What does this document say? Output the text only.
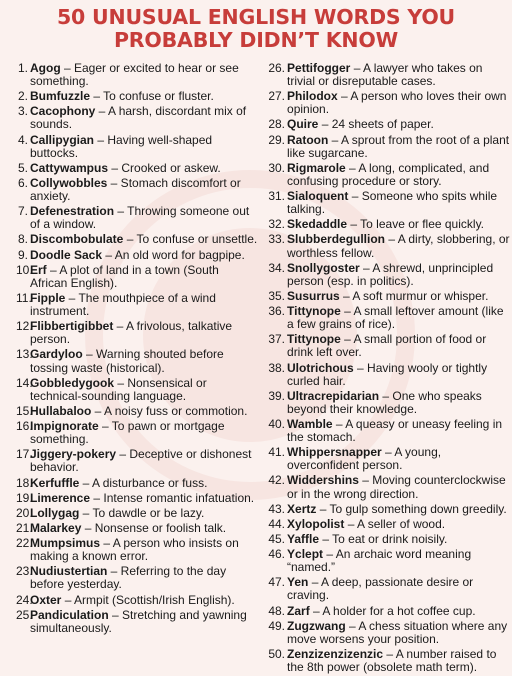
50 UNUSUAL ENGLISH WORDS YOU
PROBABLY DIDN’T KNOW
1. Agog – Eager or excited to hear or see something.
2. Bumfuzzle – To confuse or fluster.
3. Cacophony – A harsh, discordant mix of sounds.
4. Callipygian – Having well-shaped buttocks.
5. Cattywampus – Crooked or askew.
6. Collywobbles – Stomach discomfort or anxiety.
7. Defenestration – Throwing someone out of a window.
8. Discombobulate – To confuse or unsettle.
9. Doodle Sack – An old word for bagpipe.
10.
Erf – A plot of land in a town (South African English).
11.
Fipple – The mouthpiece of a wind instrument.
12.
Flibbertigibbet – A frivolous, talkative person.
13.
Gardyloo – Warning shouted before tossing waste (historical).
14.
Gobbledygook – Nonsensical or technical-sounding language.
15.
Hullabaloo – A noisy fuss or commotion.
16.
Impignorate – To pawn or mortgage something.
17.
Jiggery-pokery – Deceptive or dishonest behavior.
18.
Kerfuffle – A disturbance or fuss.
19.
Limerence – Intense romantic infatuation.
20.
Lollygag – To dawdle or be lazy.
21.
Malarkey – Nonsense or foolish talk.
22.
Mumpsimus – A person who insists on making a known error.
23.
Nudiustertian – Referring to the day before yesterday.
24.
Oxter – Armpit (Scottish/Irish English).
25.
Pandiculation – Stretching and yawning simultaneously.
26. Pettifogger – A lawyer who takes on trivial or disreputable cases.
27. Philodox – A person who loves their own opinion.
28. Quire – 24 sheets of paper.
29. Ratoon – A sprout from the root of a plant like sugarcane.
30. Rigmarole – A long, complicated, and confusing procedure or story.
31. Sialoquent – Someone who spits while talking.
32. Skedaddle – To leave or flee quickly.
33. Slubberdegullion – A dirty, slobbering, or worthless fellow.
34. Snollygoster – A shrewd, unprincipled person (esp. in politics).
35. Susurrus – A soft murmur or whisper.
36. Tittynope – A small leftover amount (like a few grains of rice).
37. Tittynope – A small portion of food or drink left over.
38. Ulotrichous – Having wooly or tightly curled hair.
39. Ultracrepidarian – One who speaks beyond their knowledge.
40. Wamble – A queasy or uneasy feeling in the stomach.
41. Whippersnapper – A young, overconfident person.
42. Widdershins – Moving counterclockwise or in the wrong direction.
43. Xertz – To gulp something down greedily.
44. Xylopolist – A seller of wood.
45. Yaffle – To eat or drink noisily.
46. Yclept – An archaic word meaning “named.”
47. Yen – A deep, passionate desire or craving.
48. Zarf – A holder for a hot coffee cup.
49. Zugzwang – A chess situation where any move worsens your position.
50. Zenzizenzizenzic – A number raised to the 8th power (obsolete math term).
